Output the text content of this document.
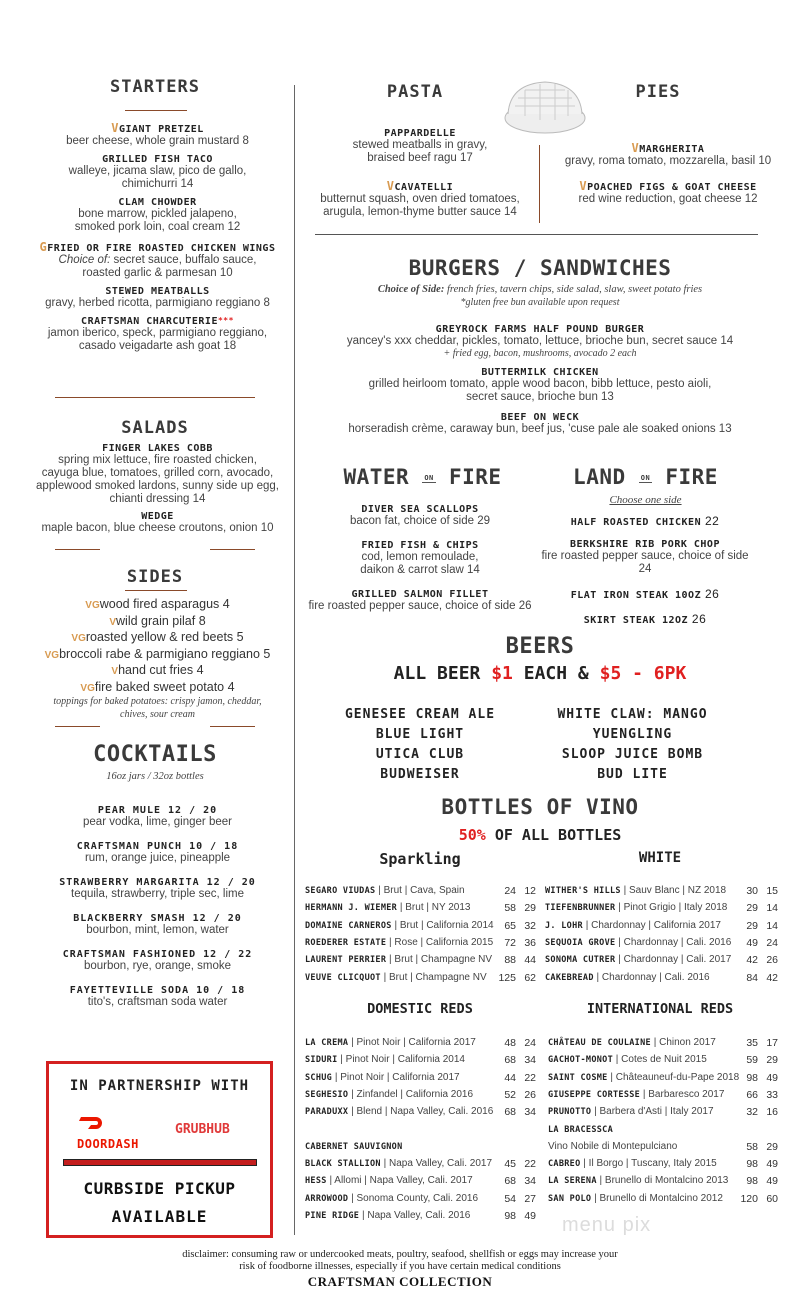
STARTERS
VGIANT PRETZEL
beer cheese, whole grain mustard 8
GRILLED FISH TACO
walleye, jicama slaw, pico de gallo,
chimichurri 14
CLAM CHOWDER
bone marrow, pickled jalapeno,
smoked pork loin, coal cream 12
GFRIED OR FIRE ROASTED CHICKEN WINGS
Choice of: secret sauce, buffalo sauce,
roasted garlic & parmesan 10
STEWED MEATBALLS
gravy, herbed ricotta, parmigiano reggiano 8
CRAFTSMAN CHARCUTERIE***
jamon iberico, speck, parmigiano reggiano,
casado veigadarte ash goat 18
SALADS
FINGER LAKES COBB
spring mix lettuce, fire roasted chicken,
cayuga blue, tomatoes, grilled corn, avocado,
applewood smoked lardons, sunny side up egg,
chianti dressing 14
WEDGE
maple bacon, blue cheese croutons, onion 10
SIDES
VGwood fired asparagus 4
Vwild grain pilaf 8
VGroasted yellow & red beets 5
VGbroccoli rabe & parmigiano reggiano 5
Vhand cut fries 4
VGfire baked sweet potato 4
toppings for baked potatoes: crispy jamon, cheddar,
chives, sour cream
COCKTAILS
16oz jars / 32oz bottles
PEAR MULE 12 / 20
pear vodka, lime, ginger beer
CRAFTSMAN PUNCH 10 / 18
rum, orange juice, pineapple
STRAWBERRY MARGARITA 12 / 20
tequila, strawberry, triple sec, lime
BLACKBERRY SMASH 12 / 20
bourbon, mint, lemon, water
CRAFTSMAN FASHIONED 12 / 22
bourbon, rye, orange, smoke
FAYETTEVILLE SODA 10 / 18
tito's, craftsman soda water
IN PARTNERSHIP WITH
DOORDASH
GRUBHUB
CURBSIDE PICKUP
AVAILABLE
PASTA	PIES
PAPPARDELLE
stewed meatballs in gravy,
braised beef ragu 17
VCAVATELLI
butternut squash, oven dried tomatoes,
arugula, lemon-thyme butter sauce 14
VMARGHERITA
gravy, roma tomato, mozzarella, basil 10
VPOACHED FIGS & GOAT CHEESE
red wine reduction, goat cheese 12
BURGERS / SANDWICHES
Choice of Side: french fries, tavern chips, side salad, slaw, sweet potato fries
*gluten free bun available upon request
GREYROCK FARMS HALF POUND BURGER
yancey's xxx cheddar, pickles, tomato, lettuce, brioche bun, secret sauce 14
+ fried egg, bacon, mushrooms, avocado 2 each
BUTTERMILK CHICKEN
grilled heirloom tomato, apple wood bacon, bibb lettuce, pesto aioli,
secret sauce, brioche bun 13
BEEF ON WECK
horseradish crème, caraway bun, beef jus, 'cuse pale ale soaked onions 13
WATER ON FIRE
DIVER SEA SCALLOPS
bacon fat, choice of side 29
FRIED FISH & CHIPS
cod, lemon remoulade,
daikon & carrot slaw 14
GRILLED SALMON FILLET
fire roasted pepper sauce, choice of side 26
LAND ON FIRE
Choose one side
HALF ROASTED CHICKEN 22
BERKSHIRE RIB PORK CHOP
fire roasted pepper sauce, choice of side 24
FLAT IRON STEAK 10OZ 26
SKIRT STEAK 12OZ 26
BEERS
ALL BEER $1 EACH & $5 - 6PK
GENESEE CREAM ALE
BLUE LIGHT
UTICA CLUB
BUDWEISER
WHITE CLAW: MANGO
YUENGLING
SLOOP JUICE BOMB
BUD LITE
BOTTLES OF VINO
50% OF ALL BOTTLES
Sparkling	WHITE
SEGARO VIUDAS | Brut | Cava, Spain	24 12
HERMANN J. WIEMER | Brut | NY 2013	58 29
DOMAINE CARNEROS | Brut | California 2014	65 32
ROEDERER ESTATE | Rose | California 2015	72 36
LAURENT PERRIER | Brut | Champagne NV	88 44
VEUVE CLICQUOT | Brut | Champagne NV	125 62
WITHER'S HILLS | Sauv Blanc | NZ 2018	30 15
TIEFENBRUNNER | Pinot Grigio | Italy 2018	29 14
J. LOHR | Chardonnay | California 2017	29 14
SEQUOIA GROVE | Chardonnay | Cali. 2016	49 24
SONOMA CUTRER | Chardonnay | Cali. 2017	42 26
CAKEBREAD | Chardonnay | Cali. 2016	84 42
DOMESTIC REDS	INTERNATIONAL REDS
LA CREMA | Pinot Noir | California 2017	48 24
SIDURI | Pinot Noir | California 2014	68 34
SCHUG | Pinot Noir | California 2017	44 22
SEGHESIO | Zinfandel | California 2016	52 26
PARADUXX | Blend | Napa Valley, Cali. 2016	68 34
CABERNET SAUVIGNON
BLACK STALLION | Napa Valley, Cali. 2017	45 22
HESS | Allomi | Napa Valley, Cali. 2017	68 34
ARROWOOD | Sonoma County, Cali. 2016	54 27
PINE RIDGE | Napa Valley, Cali. 2016	98 49
CHÂTEAU DE COULAINE | Chinon 2017	35 17
GACHOT-MONOT | Cotes de Nuit 2015	59 29
SAINT COSME | Châteauneuf-du-Pape 2018 98 49
GIUSEPPE CORTESSE | Barbaresco 2017	66 33
PRUNOTTO | Barbera d'Asti | Italy 2017	32 16
LA BRACESSCA
Vino Nobile di Montepulciano	58 29
CABREO | Il Borgo | Tuscany, Italy 2015	98 49
LA SERENA | Brunello di Montalcino 2013	98 49
SAN POLO | Brunello di Montalcino 2012	120 60
menu pix
disclaimer: consuming raw or undercooked meats, poultry, seafood, shellfish or eggs may increase your
risk of foodborne illnesses, especially if you have certain medical conditions
CRAFTSMAN COLLECTION
